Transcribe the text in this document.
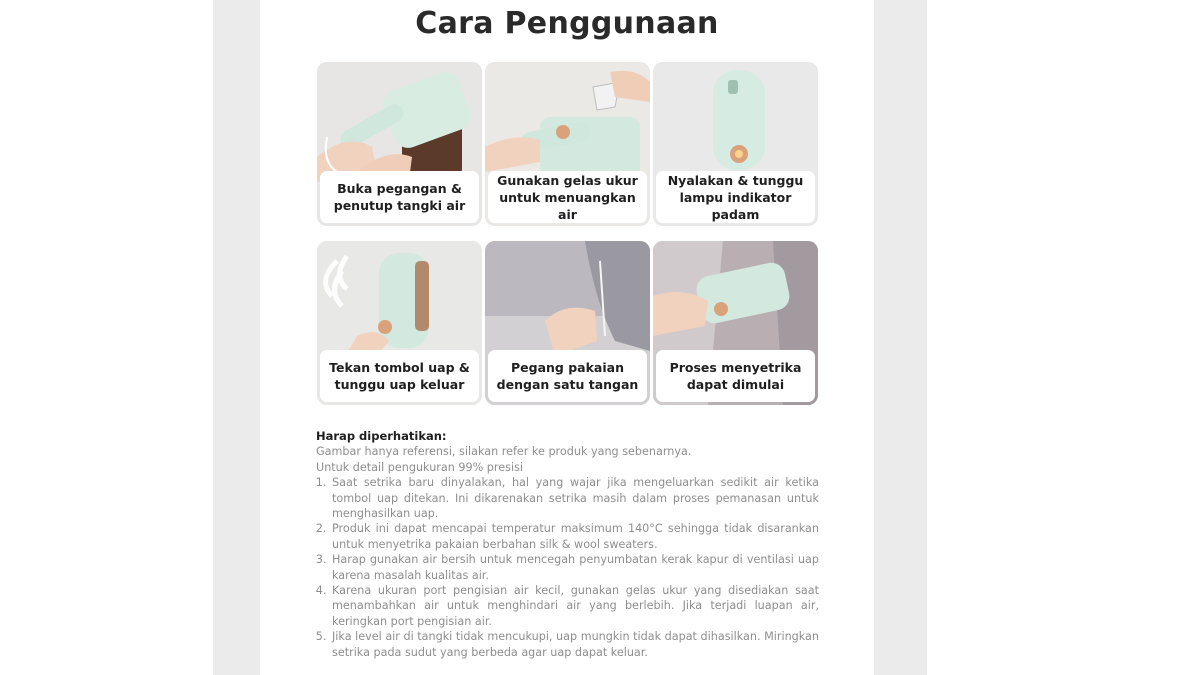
Cara Penggunaan
Buka pegangan &
penutup tangki air
Gunakan gelas ukur
untuk menuangkan air
Nyalakan & tunggu
lampu indikator padam
Tekan tombol uap &
tunggu uap keluar
Pegang pakaian
dengan satu tangan
Proses menyetrika
dapat dimulai
Harap diperhatikan:
Gambar hanya referensi, silakan refer ke produk yang sebenarnya.
Untuk detail pengukuran 99% presisi
1. Saat setrika baru dinyalakan, hal yang wajar jika mengeluarkan sedikit air ketika tombol uap ditekan. Ini dikarenakan setrika masih dalam proses pemanasan untuk menghasilkan uap.
2. Produk ini dapat mencapai temperatur maksimum 140°C sehingga tidak disarankan untuk menyetrika pakaian berbahan silk & wool sweaters.
3. Harap gunakan air bersih untuk mencegah penyumbatan kerak kapur di ventilasi uap karena masalah kualitas air.
4. Karena ukuran port pengisian air kecil, gunakan gelas ukur yang disediakan saat menambahkan air untuk menghindari air yang berlebih. Jika terjadi luapan air, keringkan port pengisian air.
5. Jika level air di tangki tidak mencukupi, uap mungkin tidak dapat dihasilkan. Miringkan setrika pada sudut yang berbeda agar uap dapat keluar.
